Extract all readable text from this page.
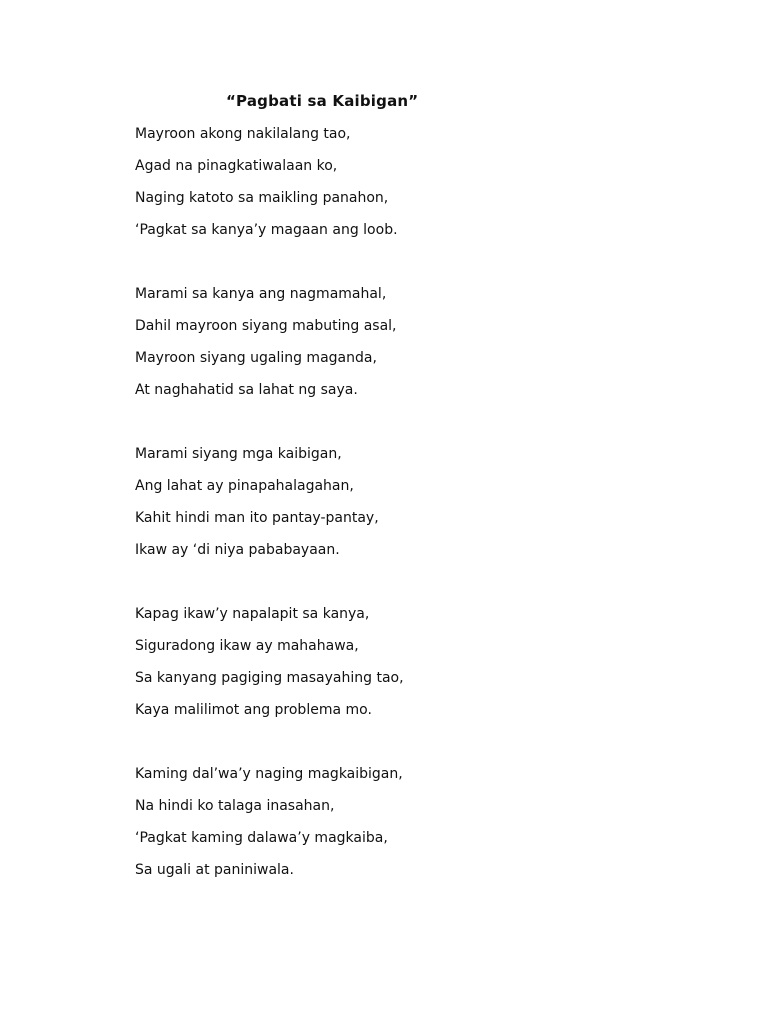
“Pagbati sa Kaibigan”
Mayroon akong nakilalang tao,
Agad na pinagkatiwalaan ko,
Naging katoto sa maikling panahon,
‘Pagkat sa kanya’y magaan ang loob.
Marami sa kanya ang nagmamahal,
Dahil mayroon siyang mabuting asal,
Mayroon siyang ugaling maganda,
At naghahatid sa lahat ng saya.
Marami siyang mga kaibigan,
Ang lahat ay pinapahalagahan,
Kahit hindi man ito pantay-pantay,
Ikaw ay ‘di niya pababayaan.
Kapag ikaw’y napalapit sa kanya,
Siguradong ikaw ay mahahawa,
Sa kanyang pagiging masayahing tao,
Kaya malilimot ang problema mo.
Kaming dal’wa’y naging magkaibigan,
Na hindi ko talaga inasahan,
‘Pagkat kaming dalawa’y magkaiba,
Sa ugali at paniniwala.
